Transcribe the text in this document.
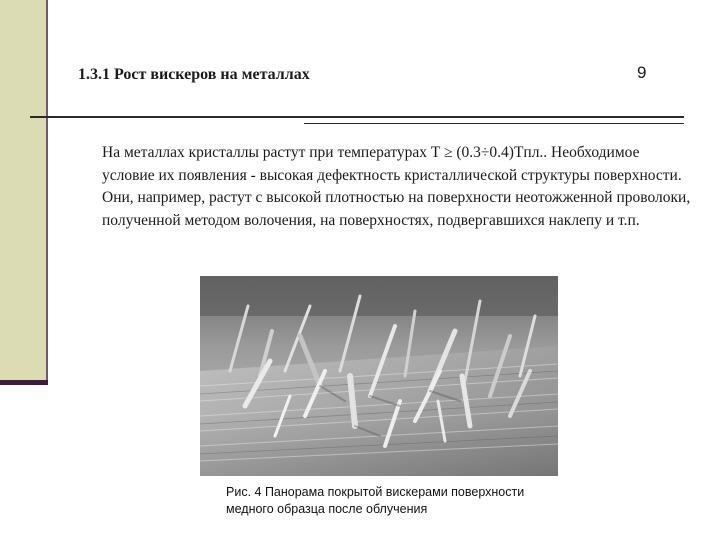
1.3.1 Рост вискеров на металлах	9
На металлах кристаллы растут при температурах T ≥ (0.3÷0.4)Tпл.. Необходимое условие их появления - высокая дефектность кристаллической структуры поверхности. Они, например, растут с высокой плотностью на поверхности неотожженной проволоки, полученной методом волочения, на поверхностях, подвергавшихся наклепу и т.п.
Рис. 4 Панорама покрытой вискерами поверхности медного образца после облучения
